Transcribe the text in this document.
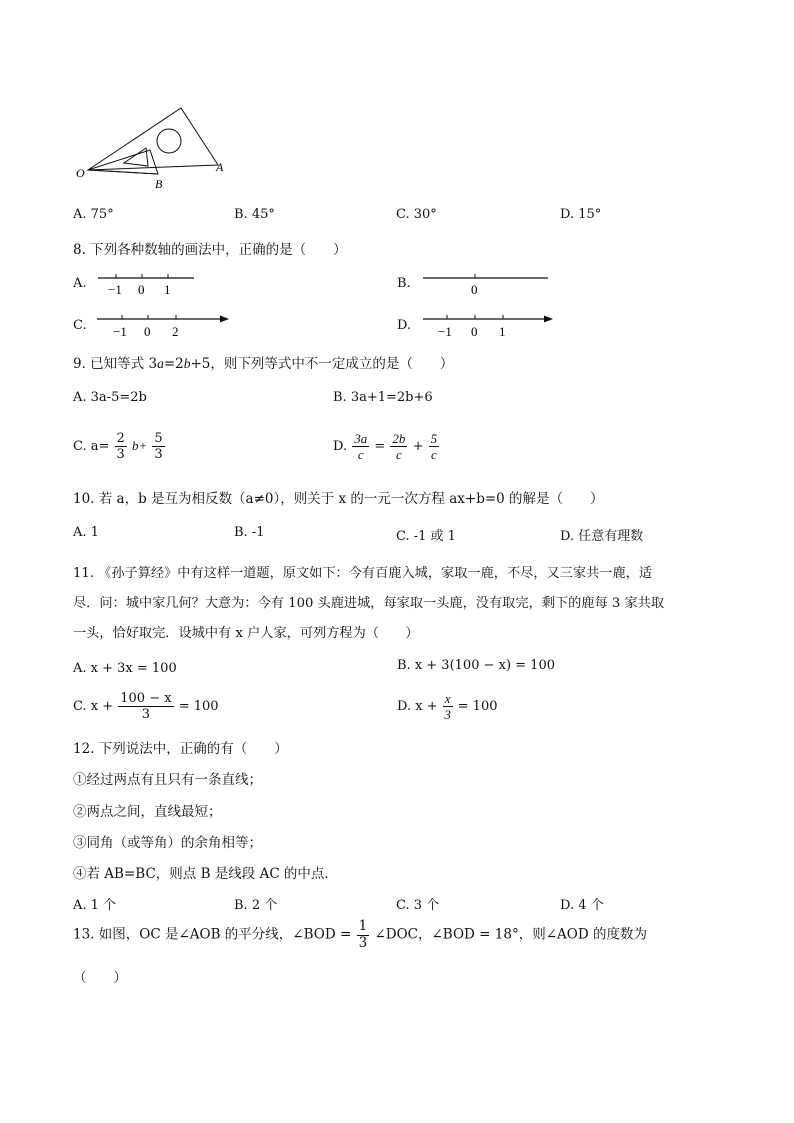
O	A
B
A. 75°	B. 45°	C. 30°	D. 15°
8. 下列各种数轴的画法中，正确的是（　　）
A. −1 0 1	B.	0
C. −1 0 2	D. −1 0 1
9. 已知等式 3a=2b+5，则下列等式中不一定成立的是（　　）
A. 3a-5=2b	B. 3a+1=2b+6
C. $a= \frac{2}{3} b+ \frac{5}{3}$	D. $\frac{3a}{c} = \frac{2b}{c} + \frac{5}{c}$
10. 若 a，b 是互为相反数（a≠0），则关于 x 的一元一次方程 ax+b=0 的解是（　　）
A. 1	B. -1	C. -1 或 1	D. 任意有理数
11. 《孙子算经》中有这样一道题，原文如下：今有百鹿入城，家取一鹿，不尽，又三家共一鹿，适
尽．问：城中家几何？大意为：今有 100 头鹿进城，每家取一头鹿，没有取完，剩下的鹿每 3 家共取
一头，恰好取完．设城中有 x 户人家，可列方程为（　　）
A. x + 3x = 100	B. x + 3(100 − x) = 100
C. $x + \frac{100 - x}{3} = 100$	D. $x + \frac{x}{3} = 100$
12. 下列说法中，正确的有（　　）
①经过两点有且只有一条直线；
②两点之间，直线最短；
③同角（或等角）的余角相等；
④若 AB=BC，则点 B 是线段 AC 的中点．
A. 1 个	B. 2 个	C. 3 个	D. 4 个
13. 如图，OC 是∠AOB 的平分线，∠BOD = $\frac{1}{3}$ ∠DOC，∠BOD = 18°，则∠AOD 的度数为
（　　）
